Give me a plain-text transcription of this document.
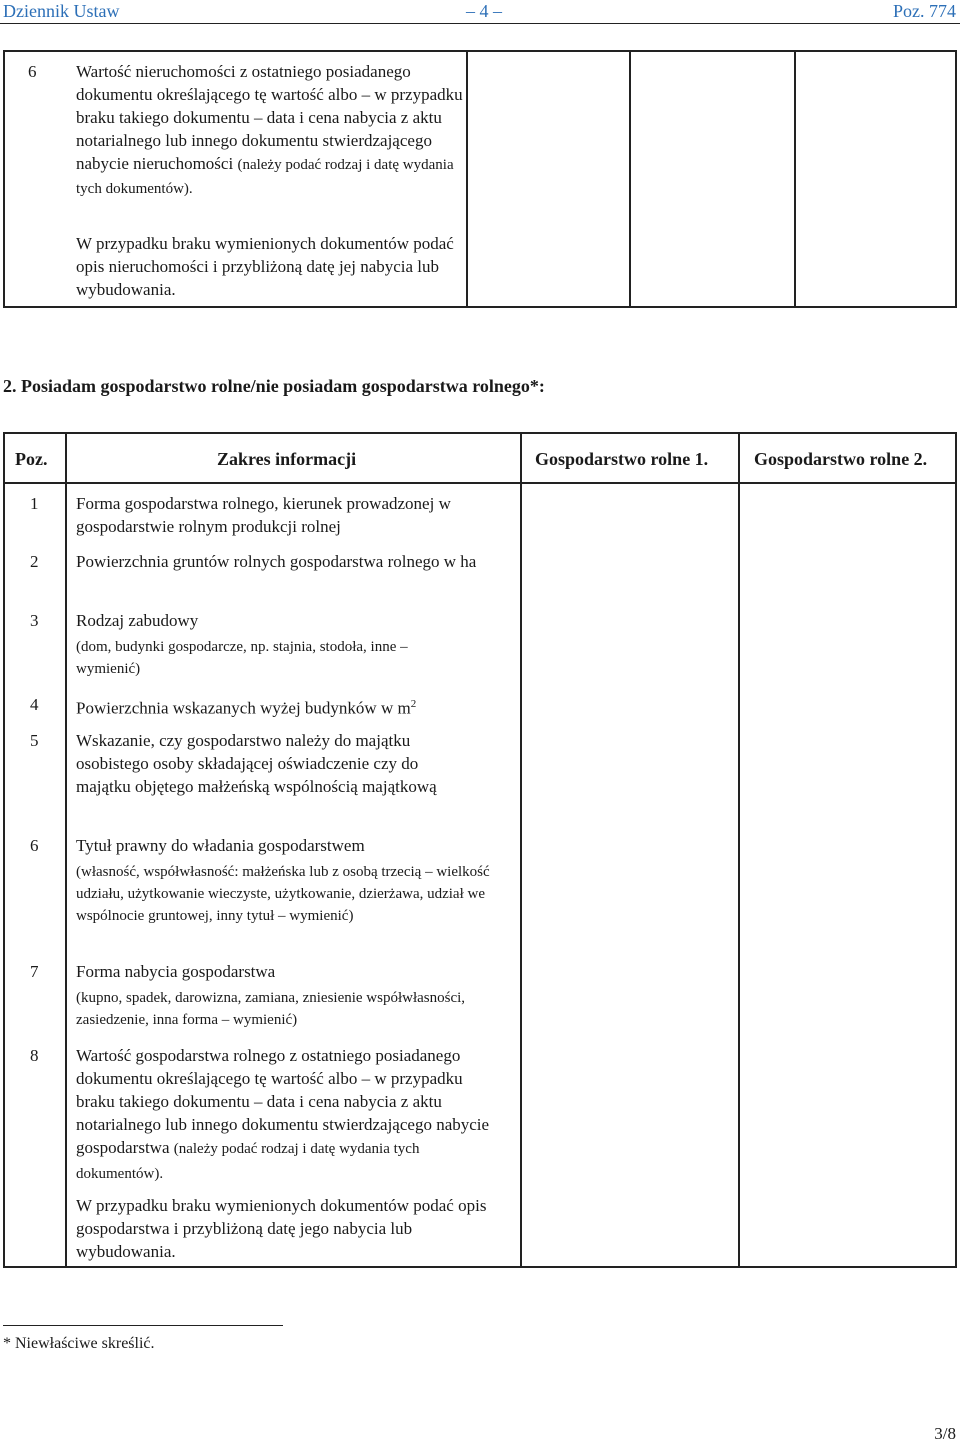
Dziennik Ustaw	– 4 –	Poz. 774
6 Wartość nieruchomości z ostatniego posiadanego dokumentu określającego tę wartość albo – w przypadku braku takiego dokumentu – data i cena nabycia z aktu notarialnego lub innego dokumentu stwierdzającego nabycie nieruchomości (należy podać rodzaj i datę wydania tych dokumentów).
W przypadku braku wymienionych dokumentów podać opis nieruchomości i przybliżoną datę jej nabycia lub wybudowania.
2. Posiadam gospodarstwo rolne/nie posiadam gospodarstwa rolnego*:
Poz.	Zakres informacji	Gospodarstwo rolne 1.	Gospodarstwo rolne 2.
1 Forma gospodarstwa rolnego, kierunek prowadzonej w gospodarstwie rolnym produkcji rolnej
2 Powierzchnia gruntów rolnych gospodarstwa rolnego w ha
3 Rodzaj zabudowy
(dom, budynki gospodarcze, np. stajnia, stodoła, inne – wymienić)
4 Powierzchnia wskazanych wyżej budynków w $m^2$
5 Wskazanie, czy gospodarstwo należy do majątku osobistego osoby składającej oświadczenie czy do majątku objętego małżeńską wspólnością majątkową
6 Tytuł prawny do władania gospodarstwem
(własność, współwłasność: małżeńska lub z osobą trzecią – wielkość udziału, użytkowanie wieczyste, użytkowanie, dzierżawa, udział we wspólnocie gruntowej, inny tytuł – wymienić)
7 Forma nabycia gospodarstwa
(kupno, spadek, darowizna, zamiana, zniesienie współwłasności, zasiedzenie, inna forma – wymienić)
8 Wartość gospodarstwa rolnego z ostatniego posiadanego dokumentu określającego tę wartość albo – w przypadku braku takiego dokumentu – data i cena nabycia z aktu notarialnego lub innego dokumentu stwierdzającego nabycie gospodarstwa (należy podać rodzaj i datę wydania tych dokumentów).
W przypadku braku wymienionych dokumentów podać opis gospodarstwa i przybliżoną datę jego nabycia lub wybudowania.
* Niewłaściwe skreślić.
3/8
